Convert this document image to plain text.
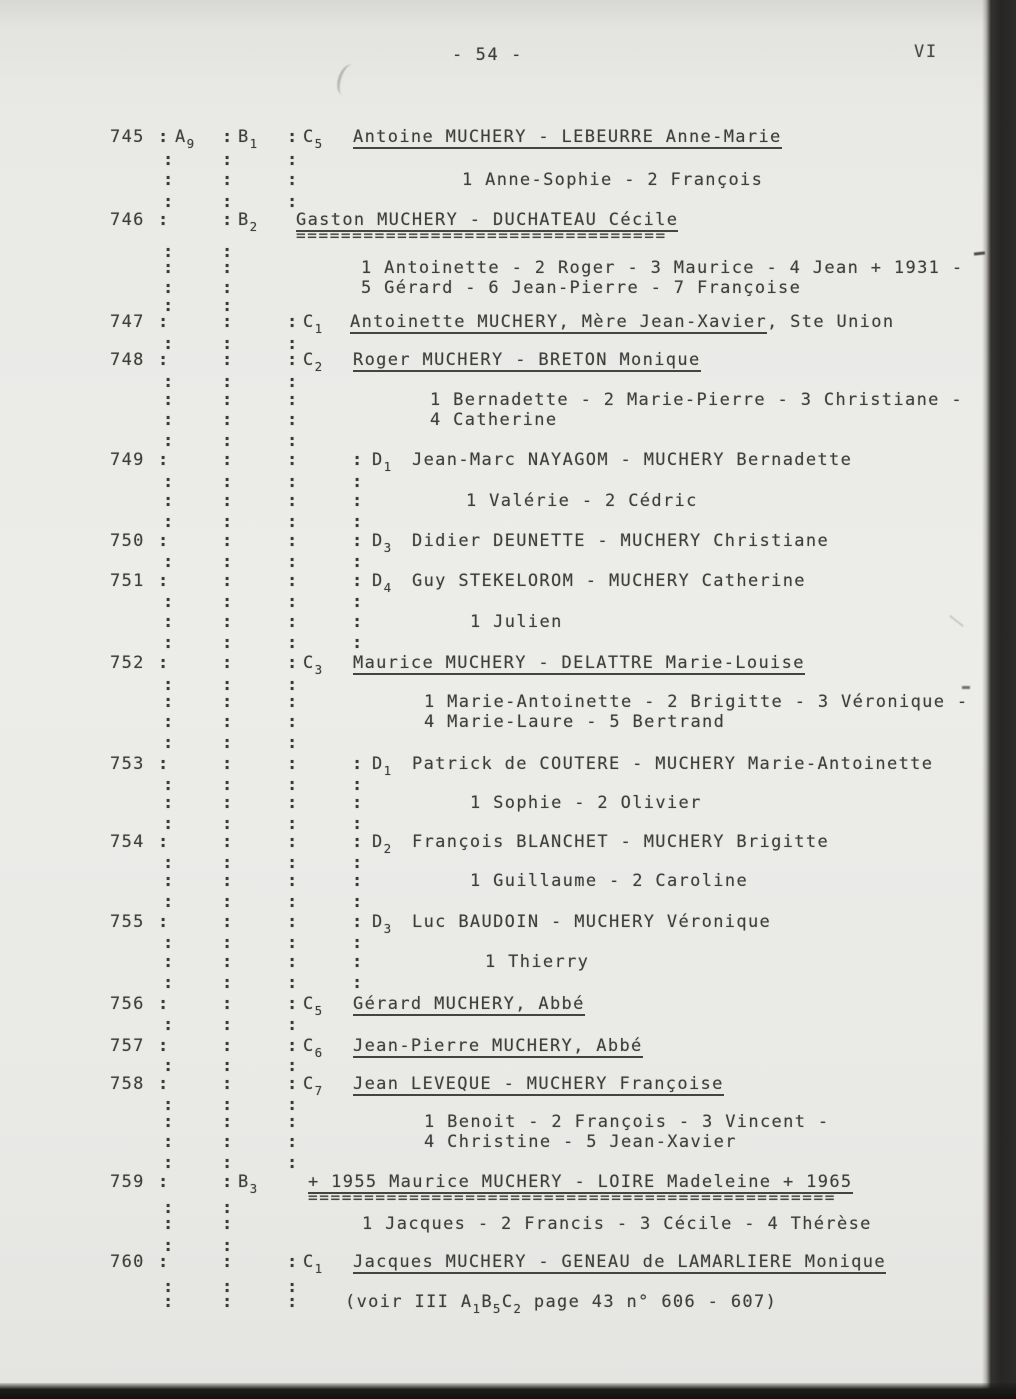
- 54 -	VI
:	:	:
745 A9	B1	C5 Antoine MUCHERY - LEBEURRE Anne-Marie
:	:	:
:	:	:	1 Anne-Sophie - 2 François
:	:	:
:	:
746	B2 Gaston MUCHERY - DUCHATEAU Cécile
=================================
:	:
:	:	1 Antoinette - 2 Roger - 3 Maurice - 4 Jean + 1931 -
:	:	5 Gérard - 6 Jean-Pierre - 7 Françoise
:	:
:	:	:
747	C1 Antoinette MUCHERY, Mère Jean-Xavier , Ste Union
:	:	:
:	:	:
748	C2 Roger MUCHERY - BRETON Monique
:	:	:
:	:	:	1 Bernadette - 2 Marie-Pierre - 3 Christiane -
:	:	:	4 Catherine
:	:	:
:	:	:	:
749	D1 Jean-Marc NAYAGOM - MUCHERY Bernadette
:	:	:	:
:	:	:	:	1 Valérie - 2 Cédric
:	:	:	:
:	:	:	:
750	D3 Didier DEUNETTE - MUCHERY Christiane
:	:	:	:
:	:	:	:
751	D4 Guy STEKELOROM - MUCHERY Catherine
:	:	:	:
:	:	:	:	1 Julien
:	:	:	:
:	:	:
752	C3 Maurice MUCHERY - DELATTRE Marie-Louise
:	:	:
:	:	:	1 Marie-Antoinette - 2 Brigitte - 3 Véronique -
:	:	:	4 Marie-Laure - 5 Bertrand
:	:	:
:	:	:	:
753	D1 Patrick de COUTERE - MUCHERY Marie-Antoinette
:	:	:	:
:	:	:	:	1 Sophie - 2 Olivier
:	:	:	:
:	:	:	:
754	D2 François BLANCHET - MUCHERY Brigitte
:	:	:	:
:	:	:	:	1 Guillaume - 2 Caroline
:	:	:	:
:	:	:	:
755	D3 Luc BAUDOIN - MUCHERY Véronique
:	:	:	:
:	:	:	:	1 Thierry
:	:	:	:
:	:	:
756	C5 Gérard MUCHERY, Abbé
:	:	:
:	:	:
757	C6 Jean-Pierre MUCHERY, Abbé
:	:	:
:	:	:
758	C7 Jean LEVEQUE - MUCHERY Françoise
:	:	:
:	:	:	1 Benoit - 2 François - 3 Vincent -
:	:	:	4 Christine - 5 Jean-Xavier
:	:	:
:	:
759	B3	+ 1955 Maurice MUCHERY - LOIRE Madeleine + 1965
===============================================
:	:
:	:	1 Jacques - 2 Francis - 3 Cécile - 4 Thérèse
:	:
:	:	:
760	C1 Jacques MUCHERY - GENEAU de LAMARLIERE Monique
:	:	:
:	:	:	(voir III A1B5C2 page 43 n° 606 - 607)
